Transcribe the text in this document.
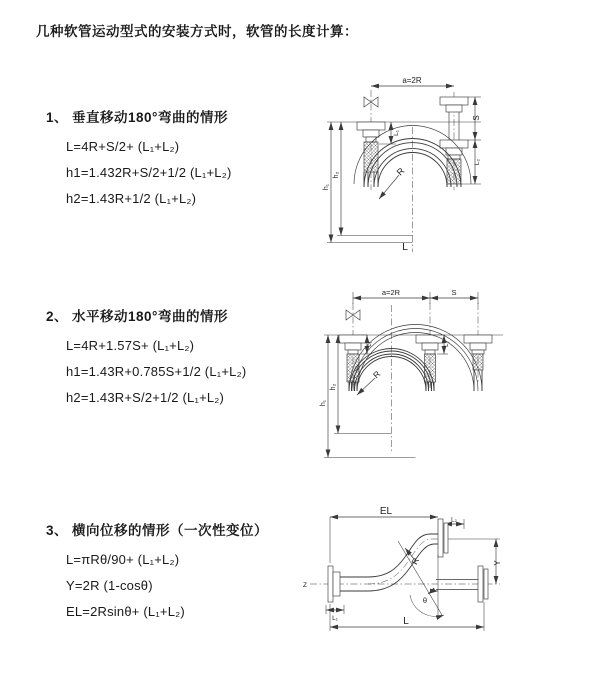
几种软管运动型式的安装方式时，软管的长度计算：
1、 垂直移动180°弯曲的情形
L=4R+S/2+ (L₁+L₂)
h1=1.432R+S/2+1/2 (L₁+L₂)
h2=1.43R+1/2 (L₁+L₂)
2、 水平移动180°弯曲的情形
L=4R+1.57S+ (L₁+L₂)
h1=1.43R+0.785S+1/2 (L₁+L₂)
h2=1.43R+S/2+1/2 (L₁+L₂)
3、 横向位移的情形（一次性变位）
L=πRθ/90+ (L₁+L₂)
Y=2R (1-cosθ)
EL=2Rsinθ+ (L₁+L₂)
a=2R
L₁
S
L₂
h₁
h₂	R
L
a=2R	S
L₁	L₂
h₁
h₂
R
EL
L₂
Z
Y
R
θ
L₁	L
